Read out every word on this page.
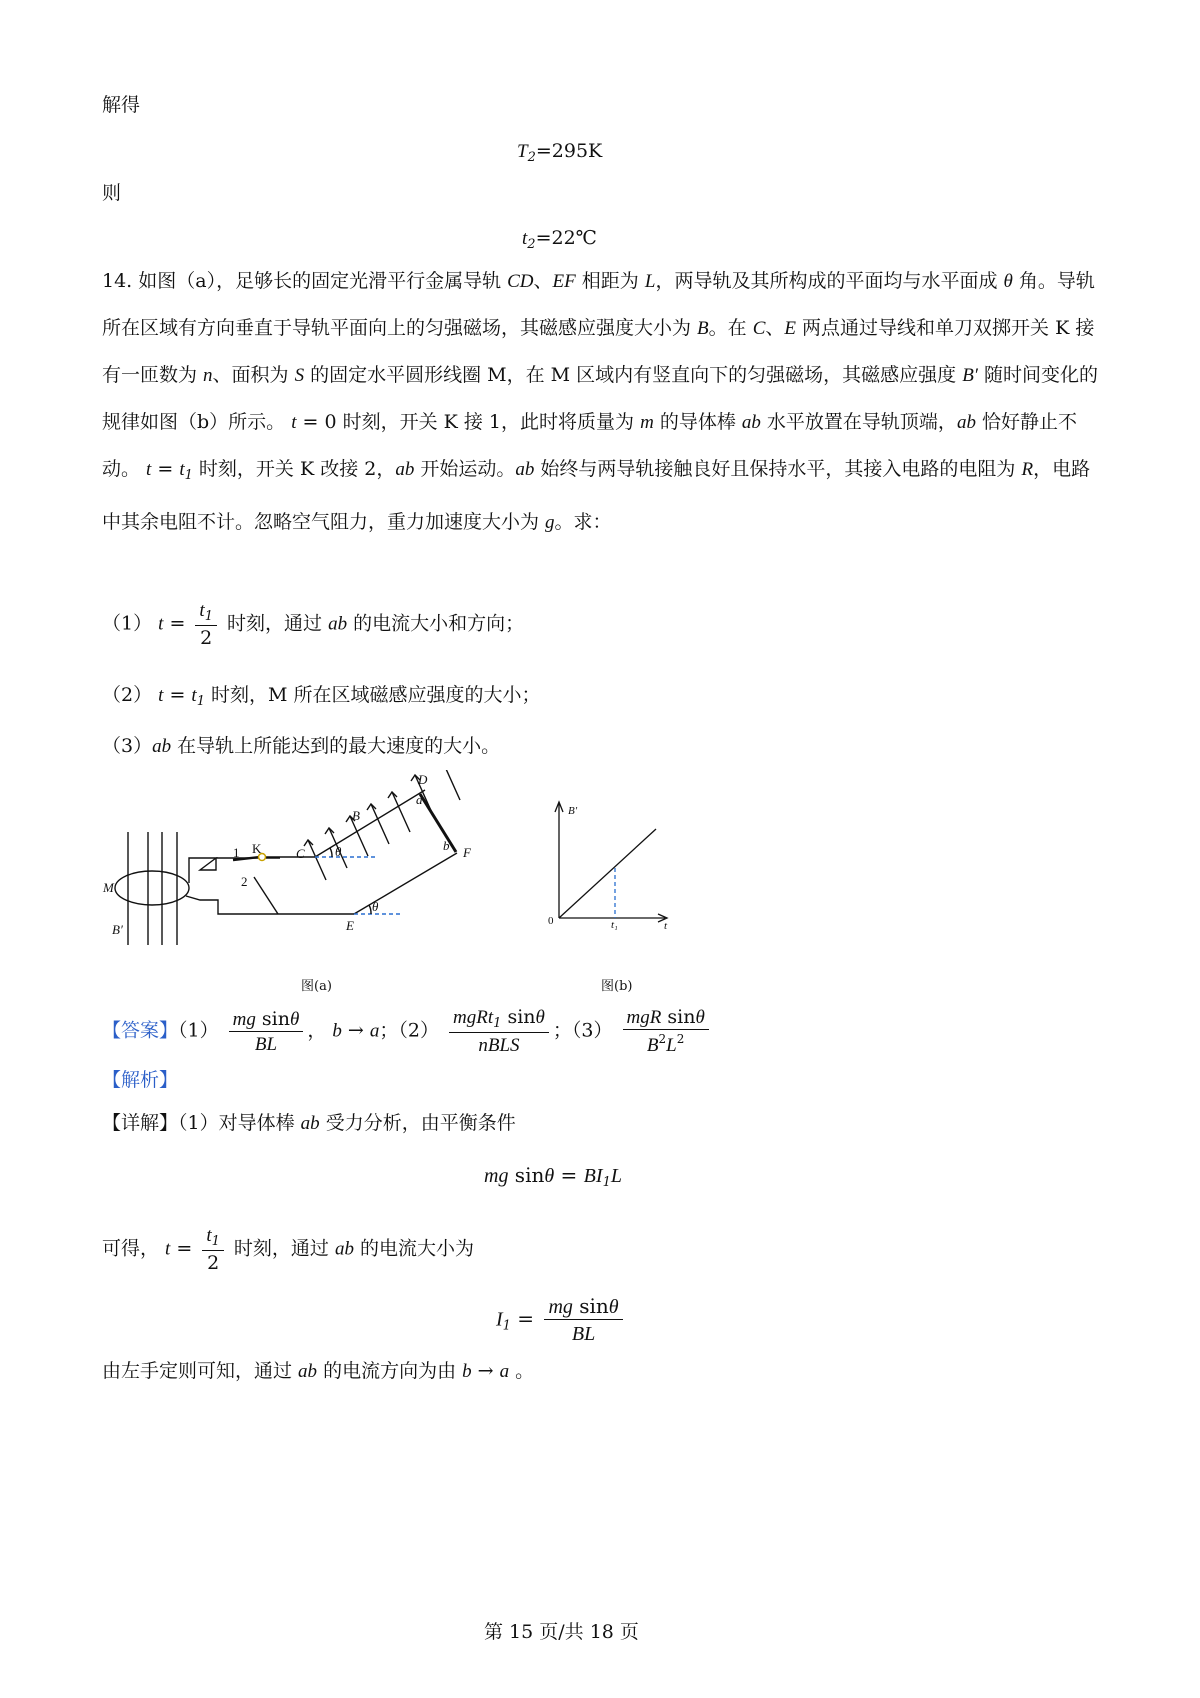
解得
$T_2=295K$
则
$t_2=22℃$
14. 如图（a），足够长的固定光滑平行金属导轨 CD、EF 相距为 L，两导轨及其所构成的平面均与水平面成 θ 角。导轨所在区域有方向垂直于导轨平面向上的匀强磁场，其磁感应强度大小为 B。在 C、E 两点通过导线和单刀双掷开关 K 接有一匝数为 n、面积为 S 的固定水平圆形线圈 M，在 M 区域内有竖直向下的匀强磁场，其磁感应强度 B′ 随时间变化的规律如图（b）所示。 t = 0 时刻，开关 K 接 1，此时将质量为 m 的导体棒 ab 水平放置在导轨顶端，ab 恰好静止不动。 $t = t_1$ 时刻，开关 K 改接 2，ab 开始运动。ab 始终与两导轨接触良好且保持水平，其接入电路的电阻为 R，电路中其余电阻不计。忽略空气阻力，重力加速度大小为 g。求：
（1） $t = \frac{t_1}{2}$ 时刻，通过 ab 的电流大小和方向；
（2） $t = t_1$ 时刻，M 所在区域磁感应强度的大小；
（3）ab 在导轨上所能达到的最大速度的大小。
D
a
B
K
1	C θ	b F
M	2
E
θ
B′
B′
0	t₁	t
图(a)	图(b)
【答案】$(1) \frac{\text{mg sinθ}}{BL}$ ， b → a；$(2) \frac{mgRt_1 \sin\theta}{\text{nBLS}}$ ；$(3) \frac{\text{mgR sinθ}}{B^2L^2}$
【解析】
【详解】（1）对导体棒 ab 受力分析，由平衡条件
mg $\sin\theta = BI_1L$
可得， $t = \frac{t_1}{2}$ 时刻，通过 ab 的电流大小为
$I_1 = \frac{\text{mg sinθ}}{BL}$
由左手定则可知，通过 ab 的电流方向为由 b → a 。
第 15 页/共 18 页
